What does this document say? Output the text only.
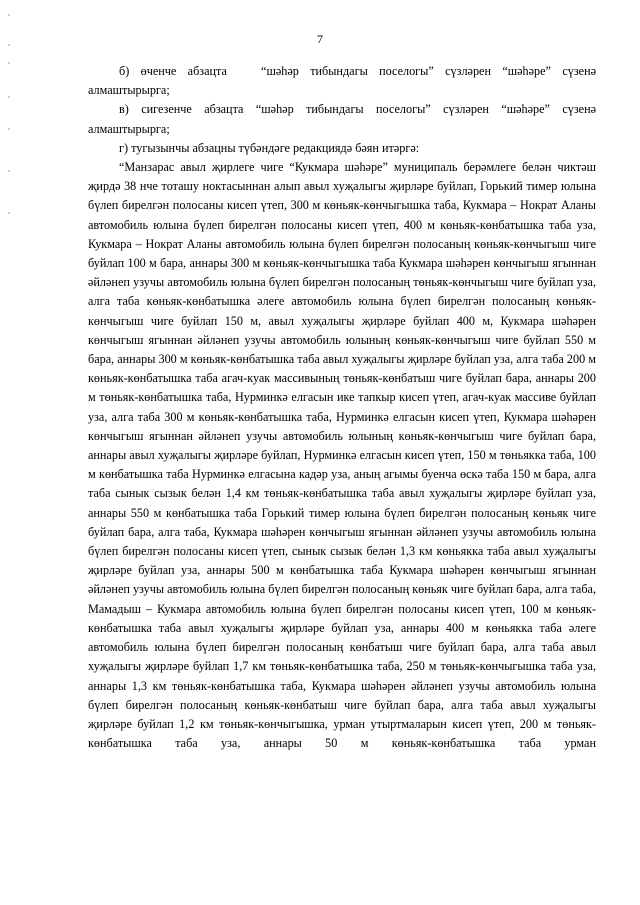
7

б) өченче абзацта   “шәһәр тибындагы поселогы” сүзләрен “шәһәре” сүзенә алмаштырырга;

в) сигезенче абзацта “шәһәр тибындагы поселогы” сүзләрен “шәһәре” сүзенә алмаштырырга;

г) тугызынчы абзацны түбәндәге редакциядә бәян итәргә:

“Манзарас авыл җирлеге чиге “Кукмара шәһәре” муниципаль берәмлеге белән чиктәш җирдә 38 нче тоташу ноктасыннан алып авыл хуҗалыгы җирләре буйлап, Горький тимер юлына бүлеп бирелгән полосаны кисеп үтеп, 300 м көньяк-көнчыгышка таба, Кукмара – Нократ Аланы автомобиль юлына бүлеп бирелгән полосаны кисеп үтеп, 400 м көньяк-көнбатышка таба уза, Кукмара – Нократ Аланы автомобиль юлына бүлеп бирелгән полосаның көньяк-көнчыгыш чиге буйлап 100 м бара, аннары 300 м көньяк-көнчыгышка таба Кукмара шәһәрен көнчыгыш ягыннан әйләнеп узучы автомобиль юлына бүлеп бирелгән полосаның төньяк-көнчыгыш чиге буйлап уза, алга таба көньяк-көнбатышка әлеге автомобиль юлына бүлеп бирелгән полосаның көньяк-көнчыгыш чиге буйлап 150 м, авыл хуҗалыгы җирләре буйлап 400 м, Кукмара шәһәрен көнчыгыш ягыннан әйләнеп узучы автомобиль юлының көньяк-көнчыгыш чиге буйлап 550 м бара, аннары 300 м көньяк-көнбатышка таба авыл хуҗалыгы җирләре буйлап уза, алга таба 200 м көньяк-көнбатышка таба агач-куак массивының төньяк-көнбатыш чиге буйлап бара, аннары 200 м төньяк-көнбатышка таба, Нурминкә елгасын ике тапкыр кисеп үтеп, агач-куак массиве буйлап уза, алга таба 300 м көньяк-көнбатышка таба, Нурминкә елгасын кисеп үтеп, Кукмара шәһәрен көнчыгыш ягыннан әйләнеп узучы автомобиль юлының көньяк-көнчыгыш чиге буйлап бара, аннары авыл хуҗалыгы җирләре буйлап, Нурминкә елгасын кисеп үтеп, 150 м төньякка таба, 100 м көнбатышка таба Нурминкә елгасына кадәр уза, аның агымы буенча өскә таба 150 м бара, алга таба сынык сызык белән 1,4 км төньяк-көнбатышка таба авыл хуҗалыгы җирләре буйлап уза, аннары 550 м көнбатышка таба Горький тимер юлына бүлеп бирелгән полосаның көньяк чиге буйлап бара, алга таба, Кукмара шәһәрен көнчыгыш ягыннан әйләнеп узучы автомобиль юлына бүлеп бирелгән полосаны кисеп үтеп, сынык сызык белән 1,3 км көньякка таба авыл хуҗалыгы җирләре буйлап уза, аннары 500 м көнбатышка таба Кукмара шәһәрен көнчыгыш ягыннан әйләнеп узучы автомобиль юлына бүлеп бирелгән полосаның көньяк чиге буйлап бара, алга таба, Мамадыш – Кукмара автомобиль юлына бүлеп бирелгән полосаны кисеп үтеп, 100 м көньяк-көнбатышка таба авыл хуҗалыгы җирләре буйлап уза, аннары 400 м көньякка таба әлеге автомобиль юлына бүлеп бирелгән полосаның көнбатыш чиге буйлап бара, алга таба авыл хуҗалыгы җирләре буйлап 1,7 км төньяк-көнбатышка таба, 250 м төньяк-көнчыгышка таба уза, аннары 1,3 км төньяк-көнбатышка таба, Кукмара шәһәрен әйләнеп узучы автомобиль юлына бүлеп бирелгән полосаның көньяк-көнбатыш чиге буйлап бара, алга таба авыл хуҗалыгы җирләре буйлап 1,2 км төньяк-көнчыгышка, урман утыртмаларын кисеп үтеп, 200 м төньяк-көнбатышка таба уза, аннары 50 м көньяк-көнбатышка таба урман
